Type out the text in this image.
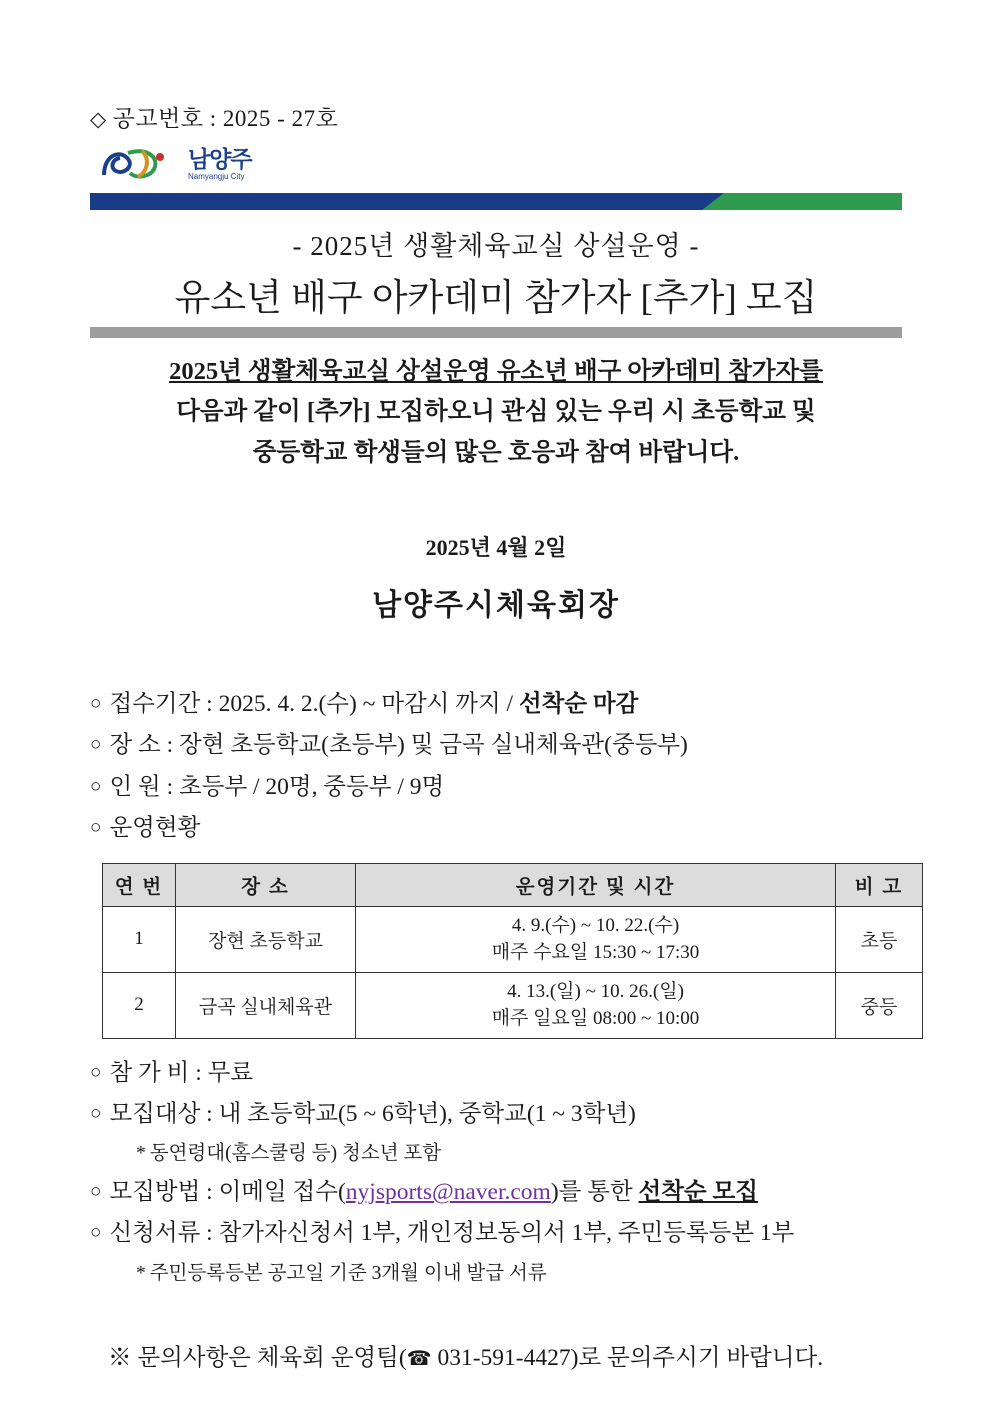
◇ 공고번호 : 2025 - 27호
남양주
Namyangju City
- 2025년 생활체육교실 상설운영 -
유소년 배구 아카데미 참가자 [추가] 모집
2025년 생활체육교실 상설운영 유소년 배구 아카데미 참가자를
다음과 같이 [추가] 모집하오니 관심 있는 우리 시 초등학교 및
중등학교 학생들의 많은 호응과 참여 바랍니다.
2025년 4월 2일
남양주시체육회장
○ 접수기간 : 2025. 4. 2.(수) ~ 마감시 까지 / 선착순 마감
○ 장 소 : 장현 초등학교(초등부) 및 금곡 실내체육관(중등부)
○ 인 원 : 초등부 / 20명, 중등부 / 9명
○ 운영현황
연 번	장 소	운영기간 및 시간	비 고
1	장현 초등학교	4. 9.(수) ~ 10. 22.(수)
매주 수요일 15:30 ~ 17:30	초등
2	금곡 실내체육관	4. 13.(일) ~ 10. 26.(일)
매주 일요일 08:00 ~ 10:00	중등
○ 참 가 비 : 무료
○ 모집대상 : 내 초등학교(5 ~ 6학년), 중학교(1 ~ 3학년)
* 동연령대(홈스쿨링 등) 청소년 포함
○ 모집방법 : 이메일 접수(nyjsports@naver.com)를 통한 선착순 모집
○ 신청서류 : 참가자신청서 1부, 개인정보동의서 1부, 주민등록등본 1부
* 주민등록등본 공고일 기준 3개월 이내 발급 서류
※ 문의사항은 체육회 운영팀(☎ 031-591-4427)로 문의주시기 바랍니다.
